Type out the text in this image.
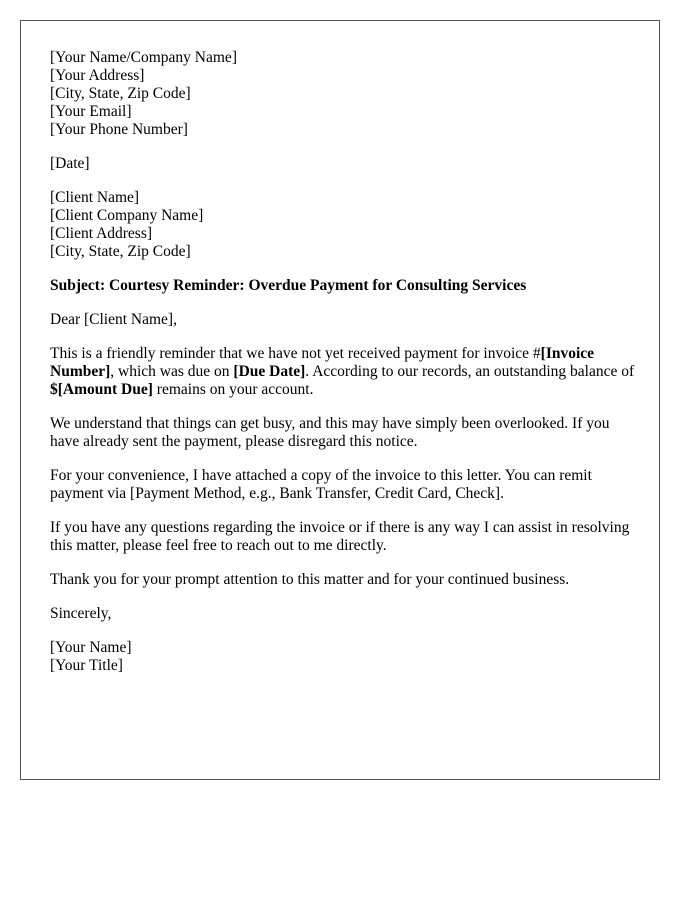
[Your Name/Company Name]
[Your Address]
[City, State, Zip Code]
[Your Email]
[Your Phone Number]
[Date]
[Client Name]
[Client Company Name]
[Client Address]
[City, State, Zip Code]

Subject: Courtesy Reminder: Overdue Payment for Consulting Services

Dear [Client Name],

This is a friendly reminder that we have not yet received payment for invoice #[Invoice Number], which was due on [Due Date]. According to our records, an outstanding balance of $[Amount Due] remains on your account.

We understand that things can get busy, and this may have simply been overlooked. If you have already sent the payment, please disregard this notice.

For your convenience, I have attached a copy of the invoice to this letter. You can remit payment via [Payment Method, e.g., Bank Transfer, Credit Card, Check].

If you have any questions regarding the invoice or if there is any way I can assist in resolving this matter, please feel free to reach out to me directly.

Thank you for your prompt attention to this matter and for your continued business.

Sincerely,

[Your Name]
[Your Title]
